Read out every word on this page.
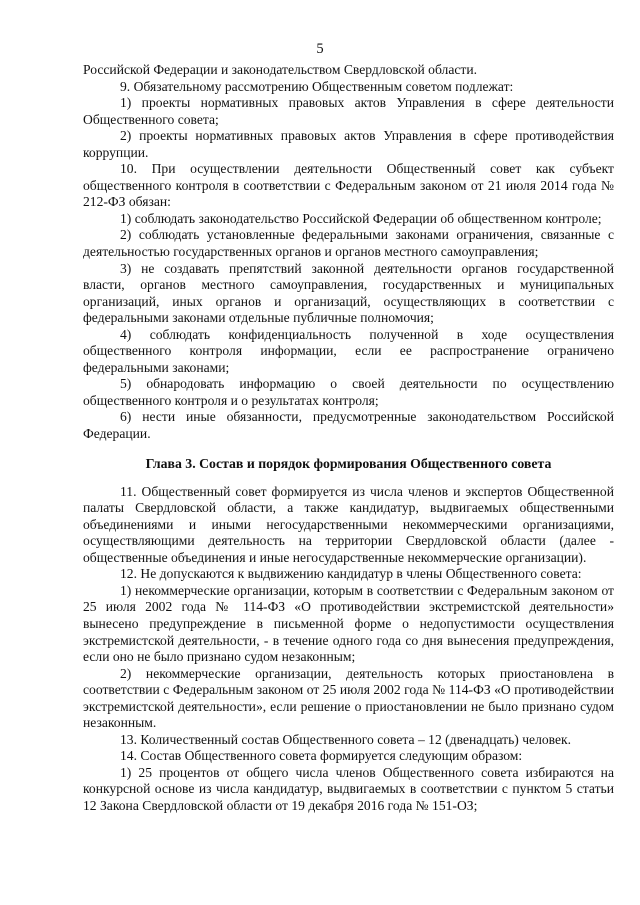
5

Российской Федерации и законодательством Свердловской области.

9. Обязательному рассмотрению Общественным советом подлежат:

1) проекты нормативных правовых актов Управления в сфере деятельности Общественного совета;

2) проекты нормативных правовых актов Управления в сфере противодействия коррупции.

10. При осуществлении деятельности Общественный совет как субъект общественного контроля в соответствии с Федеральным законом от 21 июля 2014 года № 212-ФЗ обязан:

1) соблюдать законодательство Российской Федерации об общественном контроле;

2) соблюдать установленные федеральными законами ограничения, связанные с деятельностью государственных органов и органов местного самоуправления;

3) не создавать препятствий законной деятельности органов государственной власти, органов местного самоуправления, государственных и муниципальных организаций, иных органов и организаций, осуществляющих в соответствии с федеральными законами отдельные публичные полномочия;

4) соблюдать конфиденциальность полученной в ходе осуществления общественного контроля информации, если ее распространение ограничено федеральными законами;

5) обнародовать информацию о своей деятельности по осуществлению общественного контроля и о результатах контроля;

6) нести иные обязанности, предусмотренные законодательством Российской Федерации.

Глава 3. Состав и порядок формирования Общественного совета

11. Общественный совет формируется из числа членов и экспертов Общественной палаты Свердловской области, а также кандидатур, выдвигаемых общественными объединениями и иными негосударственными некоммерческими организациями, осуществляющими деятельность на территории Свердловской области (далее - общественные объединения и иные негосударственные некоммерческие организации).

12. Не допускаются к выдвижению кандидатур в члены Общественного совета:

1) некоммерческие организации, которым в соответствии с Федеральным законом от 25 июля 2002 года № 114-ФЗ «О противодействии экстремистской деятельности» вынесено предупреждение в письменной форме о недопустимости осуществления экстремистской деятельности, - в течение одного года со дня вынесения предупреждения, если оно не было признано судом незаконным;

2) некоммерческие организации, деятельность которых приостановлена в соответствии с Федеральным законом от 25 июля 2002 года № 114-ФЗ «О противодействии экстремистской деятельности», если решение о приостановлении не было признано судом незаконным.

13. Количественный состав Общественного совета – 12 (двенадцать) человек.

14. Состав Общественного совета формируется следующим образом:

1) 25 процентов от общего числа членов Общественного совета избираются на конкурсной основе из числа кандидатур, выдвигаемых в соответствии с пунктом 5 статьи 12 Закона Свердловской области от 19 декабря 2016 года № 151-ОЗ;
